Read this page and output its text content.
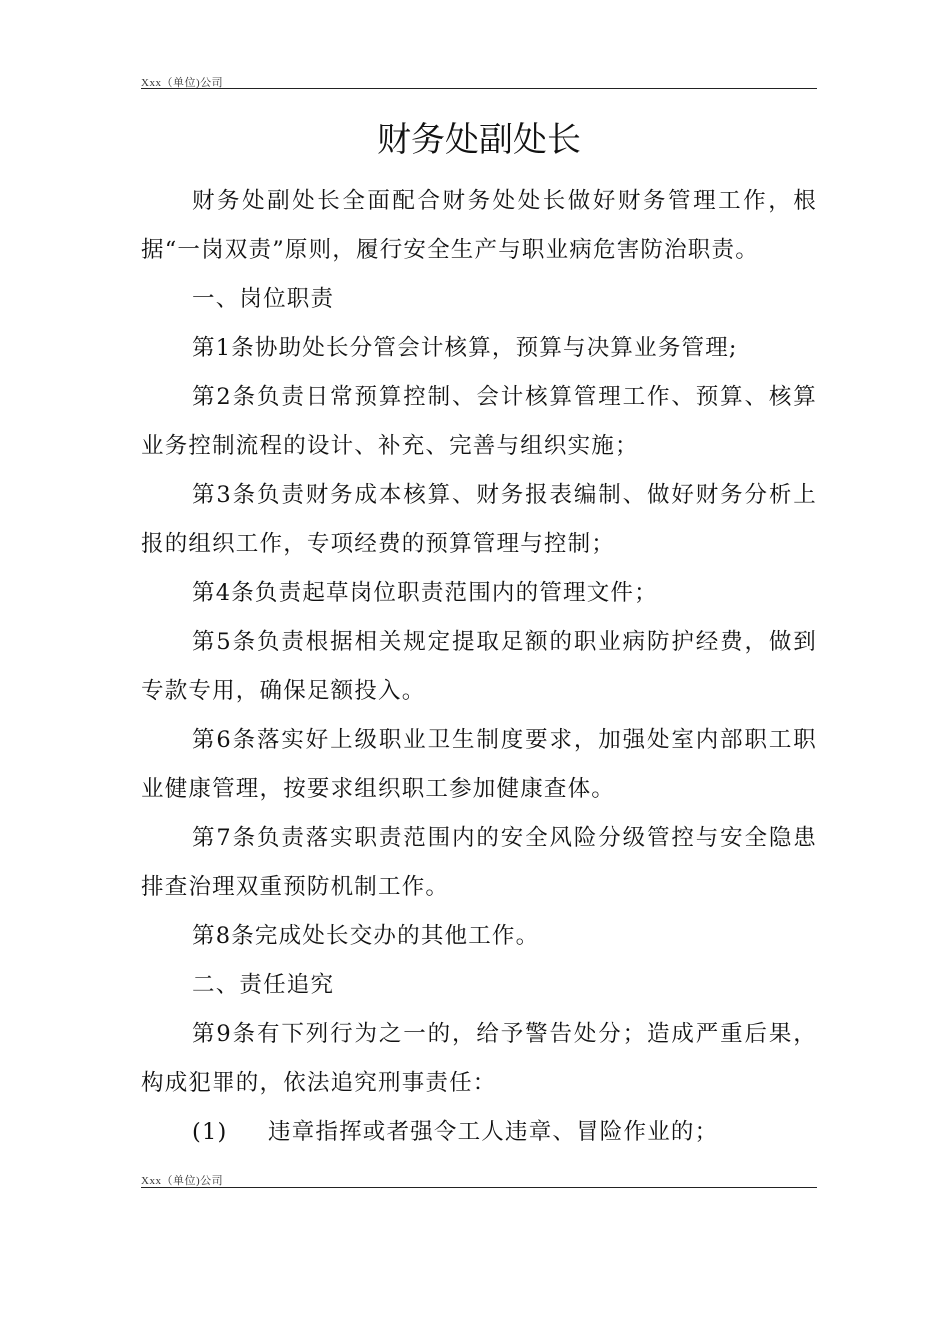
Xxx（单位)公司
财务处副处长

财务处副处长全面配合财务处处长做好财务管理工作，根据“一岗双责”原则，履行安全生产与职业病危害防治职责。

一、岗位职责

第1条协助处长分管会计核算，预算与决算业务管理;

第2条负责日常预算控制、会计核算管理工作、预算、核算业务控制流程的设计、补充、完善与组织实施；

第3条负责财务成本核算、财务报表编制、做好财务分析上报的组织工作，专项经费的预算管理与控制；

第4条负责起草岗位职责范围内的管理文件；

第5条负责根据相关规定提取足额的职业病防护经费，做到专款专用，确保足额投入。

第6条落实好上级职业卫生制度要求，加强处室内部职工职业健康管理，按要求组织职工参加健康查体。

第7条负责落实职责范围内的安全风险分级管控与安全隐患排查治理双重预防机制工作。

第8条完成处长交办的其他工作。

二、责任追究

第9条有下列行为之一的，给予警告处分；造成严重后果，构成犯罪的，依法追究刑事责任：

(1) 违章指挥或者强令工人违章、冒险作业的；

Xxx（单位)公司
